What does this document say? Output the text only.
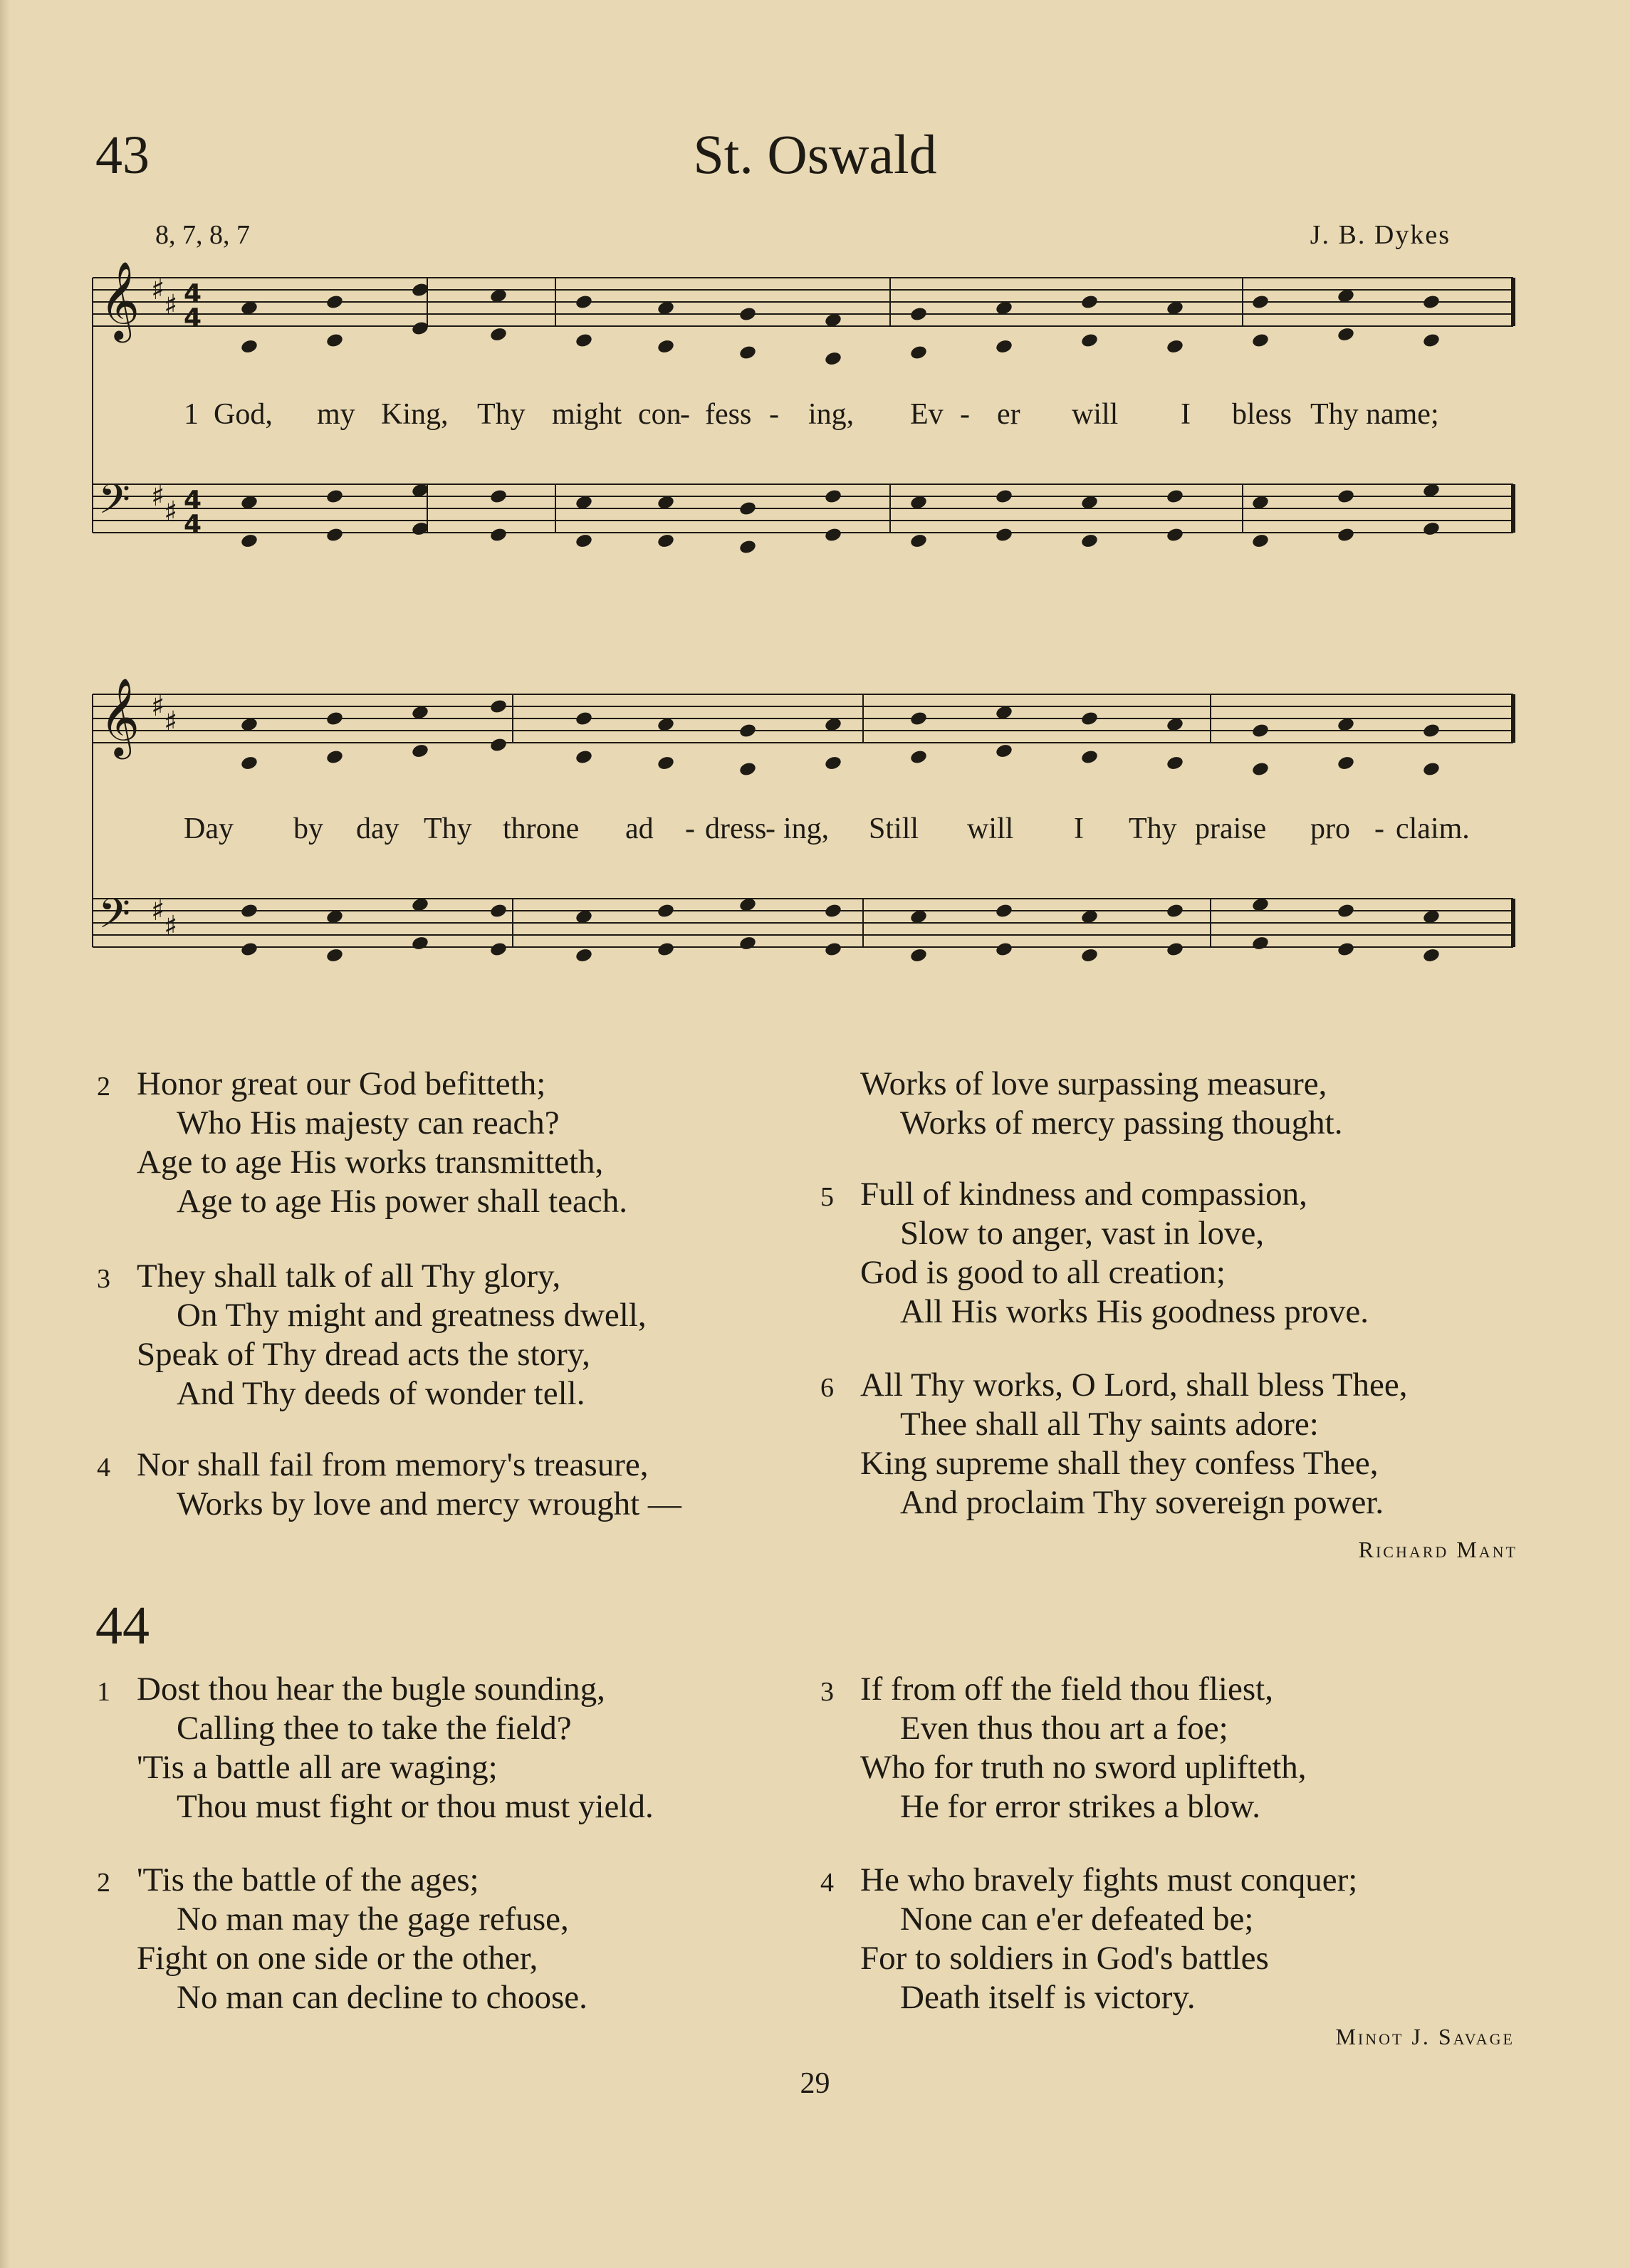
43	St. Oswald
8, 7, 8, 7	J. B. Dykes
𝄞 ♯
♯ 4
4
𝄢 ♯
♯ 4
4
𝄞 ♯
♯
𝄢 ♯
♯
1 God, my King, Thy might con
- fess - ing, Ev - er will I bless Thy name;
Day by day Thy throne ad - dress
- ing, Still will I Thy praise pro - claim.
2 Honor great our God befitteth;
Who His majesty can reach?
Age to age His works transmitteth,
Age to age His power shall teach.
3 They shall talk of all Thy glory,
On Thy might and greatness dwell,
Speak of Thy dread acts the story,
And Thy deeds of wonder tell.
4 Nor shall fail from memory's treasure,
Works by love and mercy wrought —
Works of love surpassing measure,
Works of mercy passing thought.
5 Full of kindness and compassion,
Slow to anger, vast in love,
God is good to all creation;
All His works His goodness prove.
6 All Thy works, O Lord, shall bless Thee,
Thee shall all Thy saints adore:
King supreme shall they confess Thee,
And proclaim Thy sovereign power.
Richard Mant
44
1 Dost thou hear the bugle sounding,
Calling thee to take the field?
'Tis a battle all are waging;
Thou must fight or thou must yield.
2 'Tis the battle of the ages;
No man may the gage refuse,
Fight on one side or the other,
No man can decline to choose.
3 If from off the field thou fliest,
Even thus thou art a foe;
Who for truth no sword uplifteth,
He for error strikes a blow.
4 He who bravely fights must conquer;
None can e'er defeated be;
For to soldiers in God's battles
Death itself is victory.
Minot J. Savage
29
